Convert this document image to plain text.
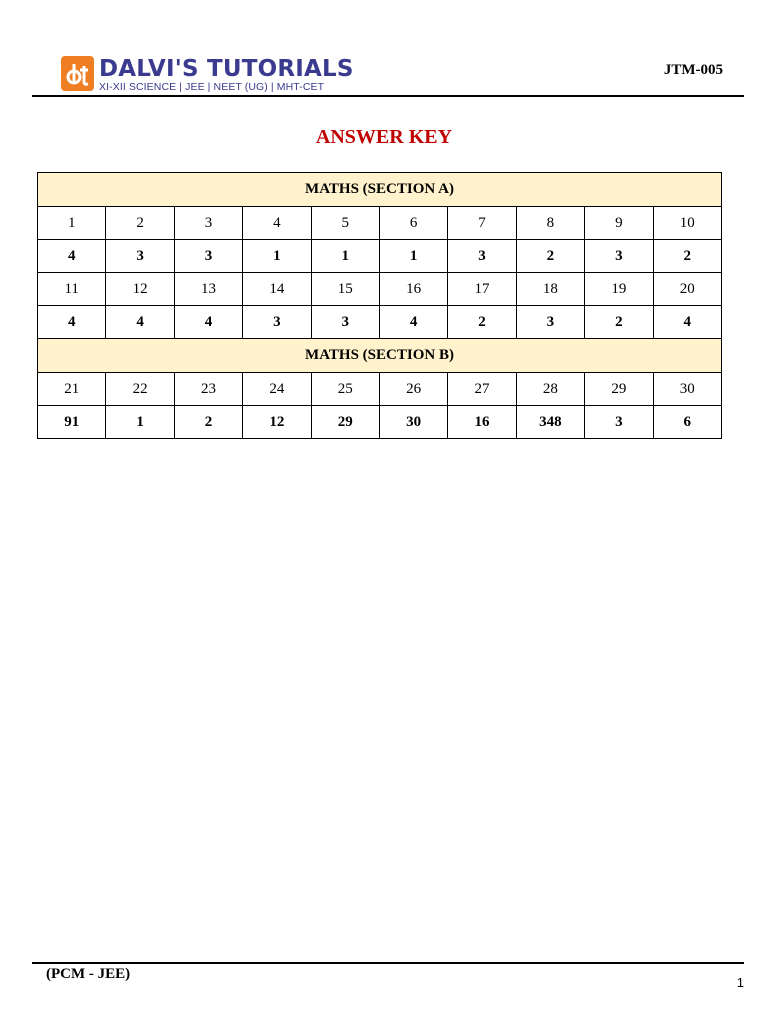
DALVI'S TUTORIALS
XI-XII SCIENCE | JEE | NEET (UG) | MHT-CET
JTM-005
ANSWER KEY
MATHS (SECTION A)									
1	2	3	4	5	6	7	8	9	10
4	3	3	1	1	1	3	2	3	2
11	12	13	14	15	16	17	18	19	20
4	4	4	3	3	4	2	3	2	4
MATHS (SECTION B)									
21	22	23	24	25	26	27	28	29	30
91	1	2	12	29	30	16	348	3	6
(PCM - JEE)
1
